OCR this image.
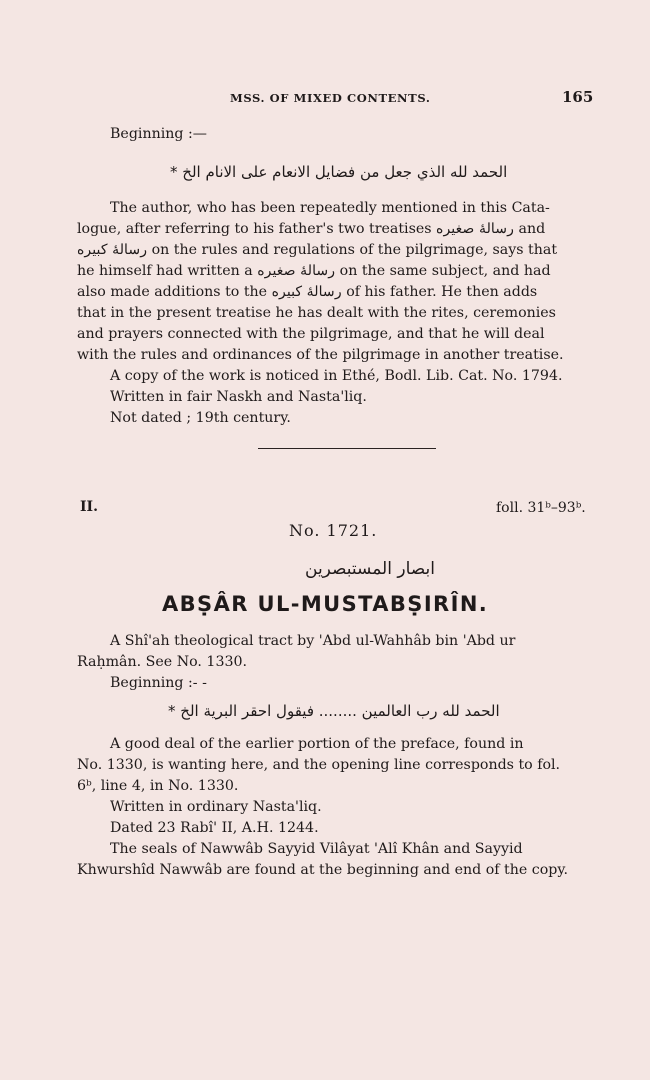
MSS. OF MIXED CONTENTS.	165
Beginning :—
الحمد لله الذي جعل من فضايل الانعام على الانام الخ *
The author, who has been repeatedly mentioned in this Cata-
logue, after referring to his father's two treatises رسالهٔ صغيره and
رسالهٔ كبيره on the rules and regulations of the pilgrimage, says that
he himself had written a رسالهٔ صغيره on the same subject, and had
also made additions to the رسالهٔ كبيره of his father. He then adds
that in the present treatise he has dealt with the rites, ceremonies
and prayers connected with the pilgrimage, and that he will deal
with the rules and ordinances of the pilgrimage in another treatise.
A copy of the work is noticed in Ethé, Bodl. Lib. Cat. No. 1794.
Written in fair Naskh and Nasta'liq.
Not dated ; 19th century.
II.	foll. 31ᵇ–93ᵇ.
No. 1721.
ابصار المستبصرين
ABṢÂR UL-MUSTABṢIRÎN.
A Shî'ah theological tract by 'Abd ul-Wahhâb bin 'Abd ur
Raḥmân. See No. 1330.
Beginning :- -
الحمد لله رب العالمين ........ فيقول احقر البرية الخ *
A good deal of the earlier portion of the preface, found in
No. 1330, is wanting here, and the opening line corresponds to fol.
6ᵇ, line 4, in No. 1330.
Written in ordinary Nasta'liq.
Dated 23 Rabî' II, A.H. 1244.
The seals of Nawwâb Sayyid Vilâyat 'Alî Khân and Sayyid
Khwurshîd Nawwâb are found at the beginning and end of the copy.
